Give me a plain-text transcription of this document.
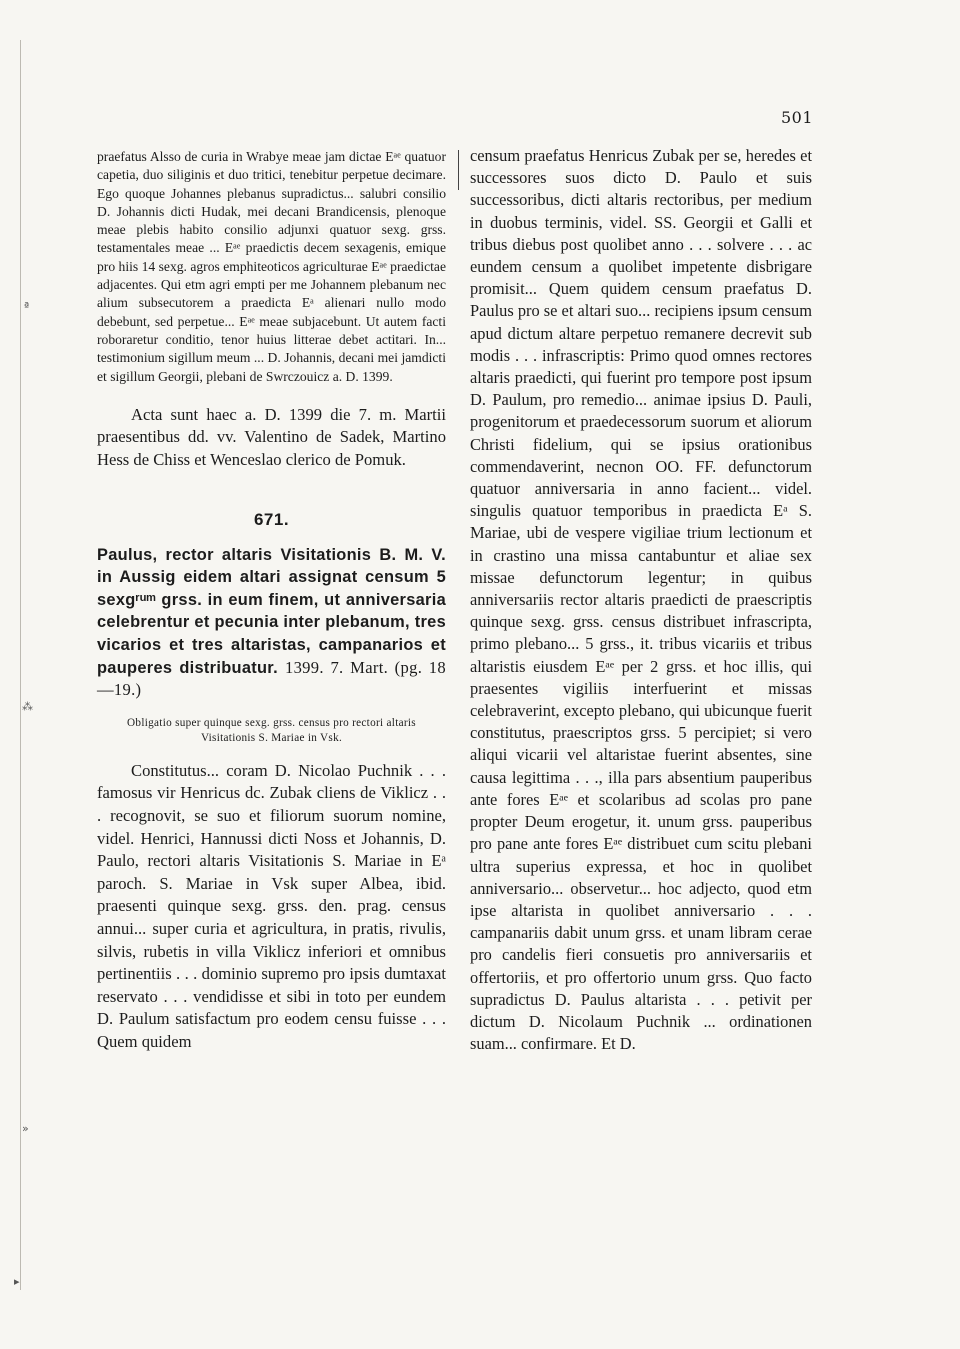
501

praefatus Alsso de curia in Wrabye meae jam dictae Eᵃᵉ quatuor capetia, duo siliginis et duo tritici, tenebitur perpetue decimare. Ego quoque Johannes plebanus supradictus... salubri consilio D. Johannis dicti Hudak, mei decani Brandicensis, plenoque meae plebis habito consilio adjunxi quatuor sexg. grss. testamentales meae ... Eᵃᵉ praedictis decem sexagenis, emique pro hiis 14 sexg. agros emphiteoticos agriculturae Eᵃᵉ praedictae adjacentes. Qui etm agri empti per me Johannem plebanum nec alium subsecutorem a praedicta Eᵃ alienari nullo modo debebunt, sed perpetue... Eᵃᵉ meae subjacebunt. Ut autem facti roboraretur conditio, tenor huius litterae debet actitari. In... testimonium sigillum meum ... D. Johannis, decani mei jamdicti et sigillum Georgii, plebani de Swrczouicz a. D. 1399.

Acta sunt haec a. D. 1399 die 7. m. Martii praesentibus dd. vv. Valentino de Sadek, Martino Hess de Chiss et Wenceslao clerico de Pomuk.

671.
Paulus, rector altaris Visitationis B. M. V. in Aussig eidem altari assignat censum 5 sexgʳᵘᵐ grss. in eum finem, ut anniversaria celebrentur et pecunia inter plebanum, tres vicarios et tres altaristas, campanarios et pauperes distribuatur. 1399. 7. Mart. (pg. 18—19.)

Obligatio super quinque sexg. grss. census pro rectori altaris Visitationis S. Mariae in Vsk.

Constitutus... coram D. Nicolao Puchnik . . . famosus vir Henricus dc. Zubak cliens de Viklicz . . . recognovit, se suo et filiorum suorum nomine, videl. Henrici, Hannussi dicti Noss et Johannis, D. Paulo, rectori altaris Visitationis S. Mariae in Eᵃ paroch. S. Mariae in Vsk super Albea, ibid. praesenti quinque sexg. grss. den. prag. census annui... super curia et agricultura, in pratis, rivulis, silvis, rubetis in villa Viklicz inferiori et omnibus pertinentiis . . . dominio supremo pro ipsis dumtaxat reservato . . . vendidisse et sibi in toto per eundem D. Paulum satisfactum pro eodem censu fuisse . . . Quem quidem

censum praefatus Henricus Zubak per se, heredes et successores suos dicto D. Paulo et suis successoribus, dicti altaris rectoribus, per medium in duobus terminis, videl. SS. Georgii et Galli et tribus diebus post quolibet anno . . . solvere . . . ac eundem censum a quolibet impetente disbrigare promisit... Quem quidem censum praefatus D. Paulus pro se et altari suo... recipiens ipsum censum apud dictum altare perpetuo remanere decrevit sub modis . . . infrascriptis: Primo quod omnes rectores altaris praedicti, qui fuerint pro tempore post ipsum D. Paulum, pro remedio... animae ipsius D. Pauli, progenitorum et praedecessorum suorum et aliorum Christi fidelium, qui se ipsius orationibus commendaverint, necnon OO. FF. defunctorum quatuor anniversaria in anno facient... videl. singulis quatuor temporibus in praedicta Eᵃ S. Mariae, ubi de vespere vigiliae trium lectionum et in crastino una missa cantabuntur et aliae sex missae defunctorum legentur; in quibus anniversariis rector altaris praedicti de praescriptis quinque sexg. grss. census distribuet infrascripta, primo plebano... 5 grss., it. tribus vicariis et tribus altaristis eiusdem Eᵃᵉ per 2 grss. et hoc illis, qui praesentes vigiliis interfuerint et missas celebraverint, excepto plebano, qui ubicunque fuerit constitutus, praescriptos grss. 5 percipiet; si vero aliqui vicarii vel altaristae fuerint absentes, sine causa legittima . . ., illa pars absentium pauperibus ante fores Eᵃᵉ et scolaribus ad scolas pro pane propter Deum erogetur, it. unum grss. pauperibus pro pane ante fores Eᵃᵉ distribuet cum scitu plebani ultra superius expressa, et hoc in quolibet anniversario... observetur... hoc adjecto, quod etm ipse altarista in quolibet anniversario . . . campanariis dabit unum grss. et unam libram cerae pro candelis fieri consuetis pro anniversariis et offertoriis, et pro offertorio unum grss. Quo facto supradictus D. Paulus altarista . . . petivit per dictum D. Nicolaum Puchnik ... ordinationen suam... confirmare. Et D.

ª
⁂
»
▸
